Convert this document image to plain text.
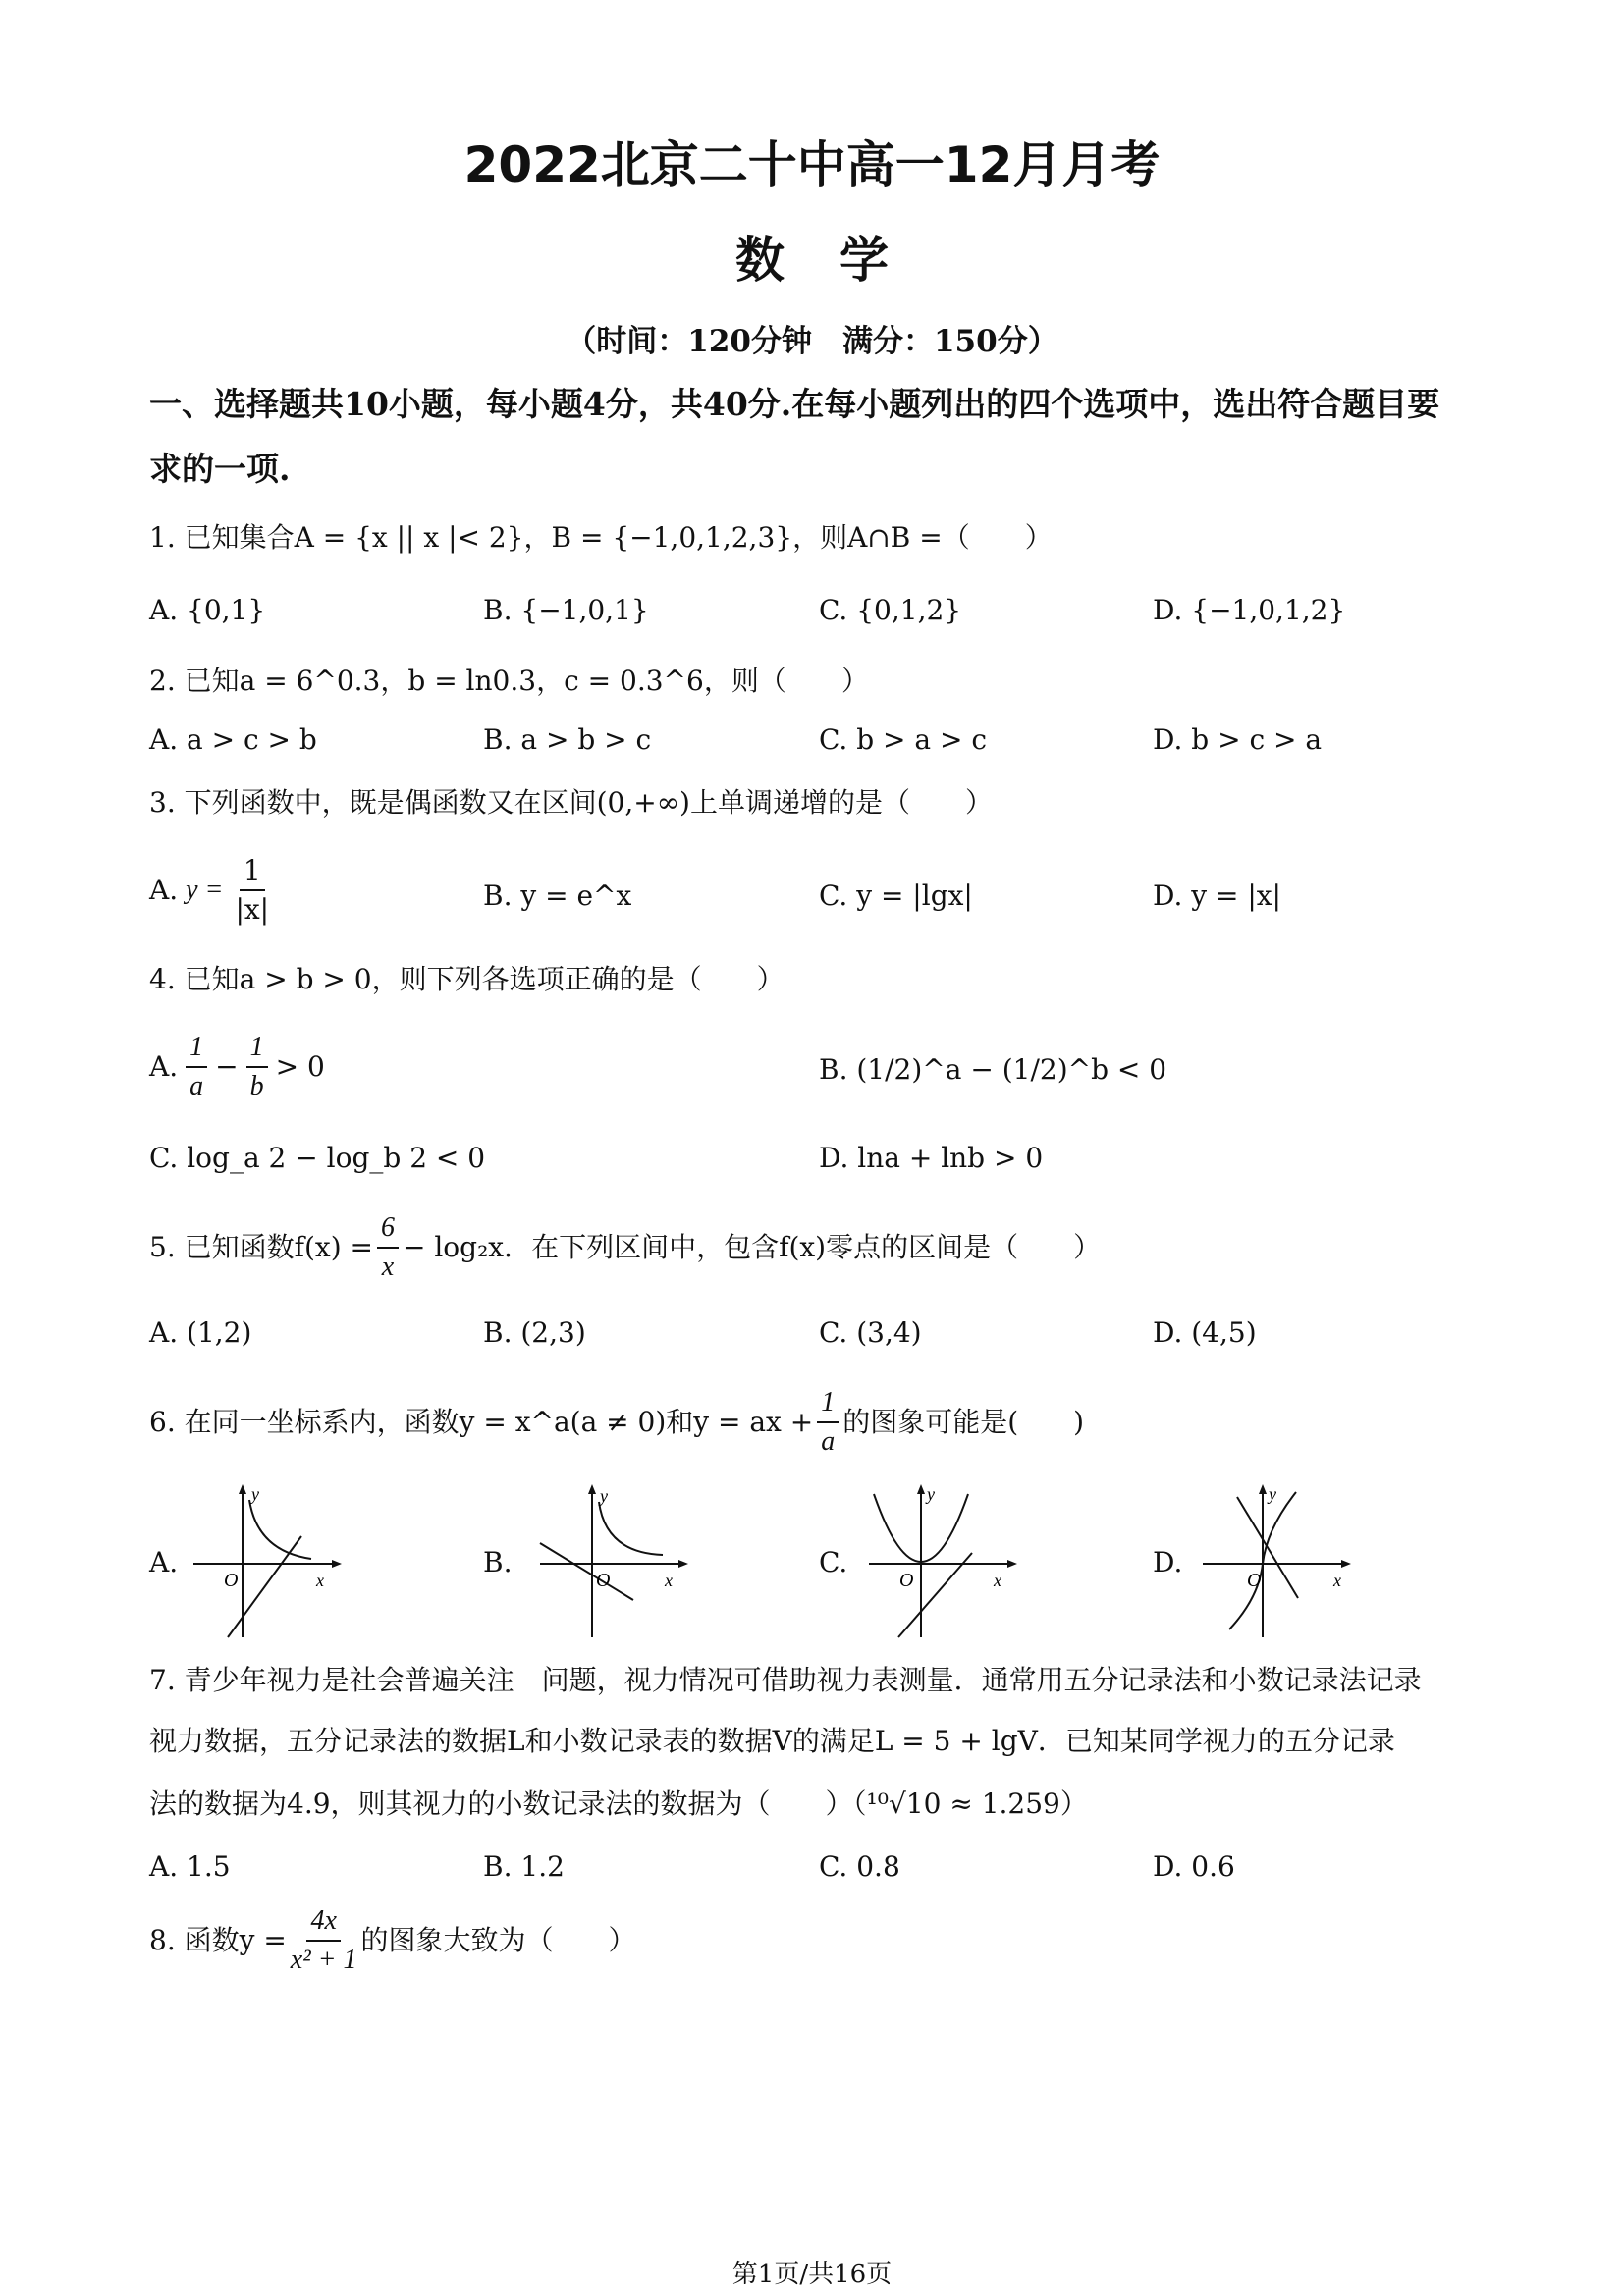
2022北京二十中高一12月月考
数学
（时间：120分钟　满分：150分）
一、选择题共10小题，每小题4分，共40分.在每小题列出的四个选项中，选出符合题目要
求的一项.
1. 已知集合A = {x || x |< 2}，B = {−1,0,1,2,3}，则A∩B =（　　）
A. {0,1}	B. {−1,0,1}	C. {0,1,2}	D. {−1,0,1,2}
2. 已知a = 6^0.3，b = ln0.3，c = 0.3^6，则（　　）
A. a > c > b	B. a > b > c	C. b > a > c	D. b > c > a
3. 下列函数中，既是偶函数又在区间(0,+∞)上单调递增的是（　　）
A. $y = \frac{1}{|x|}$	B. y = e^x	C. y = |lgx|	D. y = |x|
4. 已知a > b > 0，则下列各选项正确的是（　　）
A. $\frac{1}{a} - \frac{1}{b} > 0$	B. (1/2)^a − (1/2)^b < 0
C. log_a 2 − log_b 2 < 0	D. lna + lnb > 0
5. 已知函数$f(x) = \frac{6}{x} - \log_2x$．在下列区间中，包含f(x)零点的区间是（　　）
A. (1,2)	B. (2,3)	C. (3,4)	D. (4,5)
6. 在同一坐标系内，函数y = x^a(a ≠ 0)和y = ax + $\frac{1}{a}$ 的图象可能是(　　)
A.	B.	C.	D.
y
O	x
y
O	x
y
O	x
y
O	x
7. 青少年视力是社会普遍关注　问题，视力情况可借助视力表测量．通常用五分记录法和小数记录法记录
视力数据，五分记录法的数据L和小数记录表的数据V的满足L = 5 + lgV．已知某同学视力的五分记录
法的数据为4.9，则其视力的小数记录法的数据为（　　）（¹⁰√10 ≈ 1.259）
A. 1.5	B. 1.2	C. 0.8	D. 0.6
8. 函数$y = \frac{4x}{\text{x² + 1}}$ 的图象大致为（　　）
第1页/共16页
